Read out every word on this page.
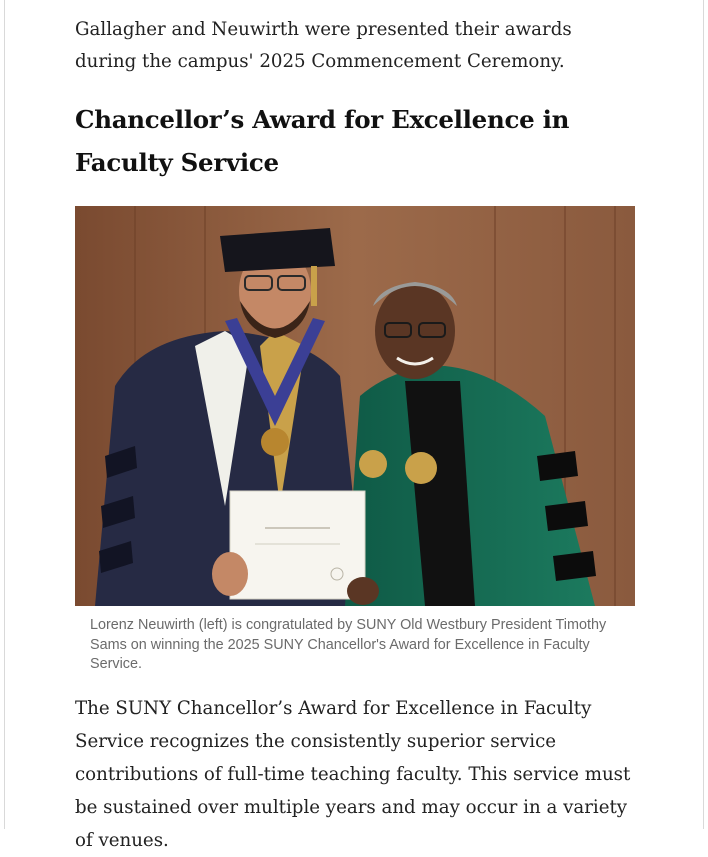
Gallagher and Neuwirth were presented their awards during the campus' 2025 Commencement Ceremony.

Chancellor’s Award for Excellence in Faculty Service

Lorenz Neuwirth (left) is congratulated by SUNY Old Westbury President Timothy Sams on winning the 2025 SUNY Chancellor's Award for Excellence in Faculty Service.

The SUNY Chancellor’s Award for Excellence in Faculty Service recognizes the consistently superior service contributions of full-time teaching faculty. This service must be sustained over multiple years and may occur in a variety of venues.
